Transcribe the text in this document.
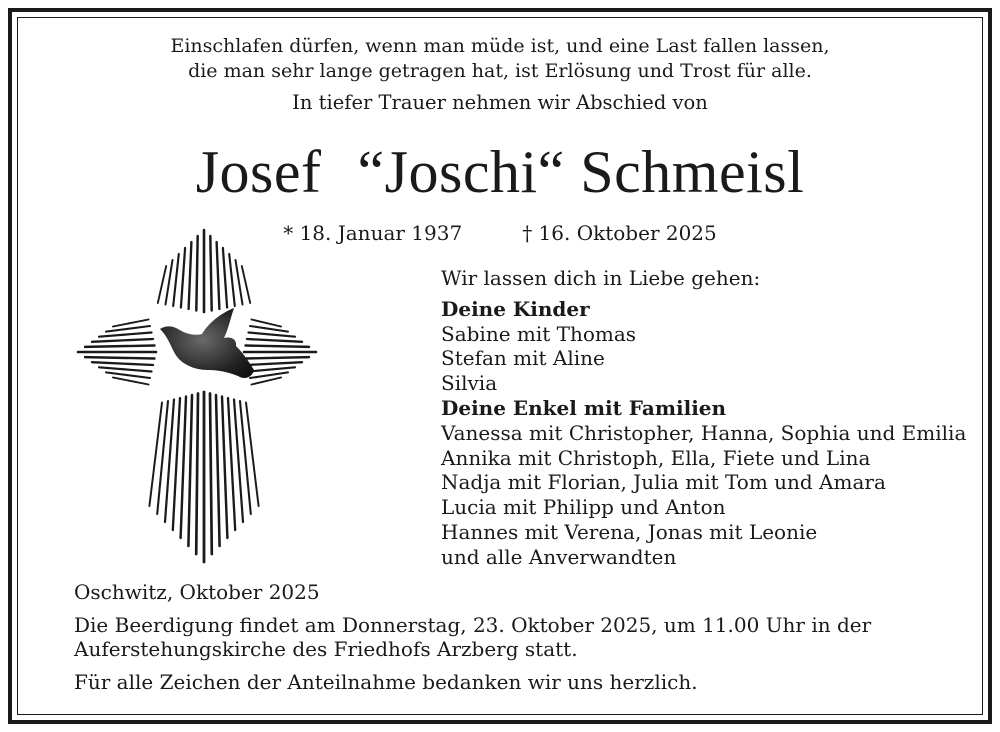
Einschlafen dürfen, wenn man müde ist, und eine Last fallen lassen,
die man sehr lange getragen hat, ist Erlösung und Trost für alle.
In tiefer Trauer nehmen wir Abschied von
Josef “Joschi“ Schmeisl
* 18. Januar 1937	† 16. Oktober 2025
Wir lassen dich in Liebe gehen:
Deine Kinder
Sabine mit Thomas
Stefan mit Aline
Silvia
Deine Enkel mit Familien
Vanessa mit Christopher, Hanna, Sophia und Emilia
Annika mit Christoph, Ella, Fiete und Lina
Nadja mit Florian, Julia mit Tom und Amara
Lucia mit Philipp und Anton
Hannes mit Verena, Jonas mit Leonie
und alle Anverwandten
Oschwitz, Oktober 2025
Die Beerdigung findet am Donnerstag, 23. Oktober 2025, um 11.00 Uhr in der
Auferstehungskirche des Friedhofs Arzberg statt.
Für alle Zeichen der Anteilnahme bedanken wir uns herzlich.
